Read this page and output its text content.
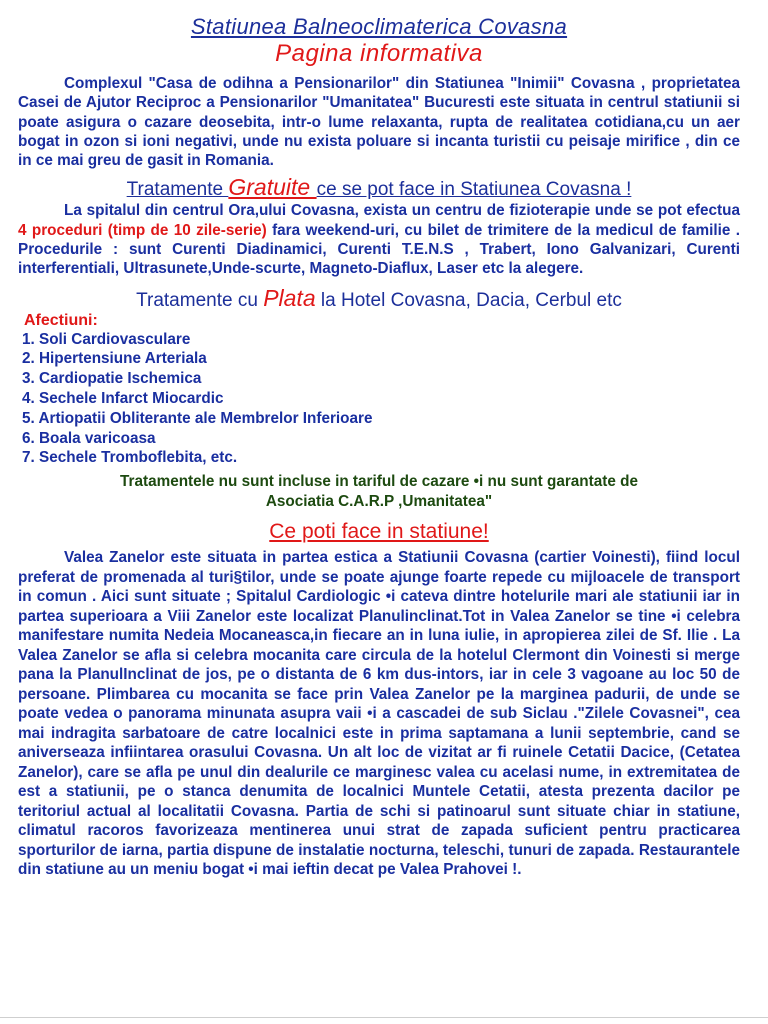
Statiunea Balneoclimaterica Covasna
Pagina informativa

Complexul "Casa de odihna a Pensionarilor" din Statiunea "Inimii" Covasna , proprietatea Casei de Ajutor Reciproc a Pensionarilor "Umanitatea" Bucuresti este situata in centrul statiunii si poate asigura o cazare deosebita, intr-o lume relaxanta, rupta de realitatea cotidiana,cu un aer bogat in ozon si ioni negativi, unde nu exista poluare si incanta turistii cu peisaje mirifice , din ce in ce mai greu de gasit in Romania.

Tratamente Gratuite ce se pot face in Statiunea Covasna !

La spitalul din centrul Ora,ului Covasna, exista un centru de fizioterapie unde se pot efectua 4 proceduri (timp de 10 zile-serie) fara weekend-uri, cu bilet de trimitere de la medicul de familie . Procedurile : sunt Curenti Diadinamici, Curenti T.E.N.S , Trabert, Iono Galvanizari, Curenti interferentiali, Ultrasunete,Unde-scurte, Magneto-Diaflux, Laser etc la alegere.

Tratamente cu Plata la Hotel Covasna, Dacia, Cerbul etc
Afectiuni:
1. Soli Cardiovasculare
2. Hipertensiune Arteriala
3. Cardiopatie Ischemica
4. Sechele Infarct Miocardic
5. Artiopatii Obliterante ale Membrelor Inferioare
6. Boala varicoasa
7. Sechele Tromboflebita, etc.
Tratamentele nu sunt incluse in tariful de cazare •i nu sunt garantate de
Asociatia C.A.R.P ,Umanitatea"
Ce poti face in statiune!

Valea Zanelor este situata in partea estica a Statiunii Covasna (cartier Voinesti), fiind locul preferat de promenada al turi§tilor, unde se poate ajunge foarte repede cu mijloacele de transport in comun . Aici sunt situate ; Spitalul Cardiologic •i cateva dintre hotelurile mari ale statiunii iar in partea superioara a Viii Zanelor este localizat Planulinclinat.Tot in Valea Zanelor se tine •i celebra manifestare numita Nedeia Mocaneasca,in fiecare an in luna iulie, in apropierea zilei de Sf. Ilie . La Valea Zanelor se afla si celebra mocanita care circula de la hotelul Clermont din Voinesti si merge pana la PlanulInclinat de jos, pe o distanta de 6 km dus-intors, iar in cele 3 vagoane au loc 50 de persoane. Plimbarea cu mocanita se face prin Valea Zanelor pe la marginea padurii, de unde se poate vedea o panorama minunata asupra vaii •i a cascadei de sub Siclau ."Zilele Covasnei", cea mai indragita sarbatoare de catre localnici este in prima saptamana a lunii septembrie, cand se aniverseaza infiintarea orasului Covasna. Un alt loc de vizitat ar fi ruinele Cetatii Dacice, (Cetatea Zanelor), care se afla pe unul din dealurile ce marginesc valea cu acelasi nume, in extremitatea de est a statiunii, pe o stanca denumita de localnici Muntele Cetatii, atesta prezenta dacilor pe teritoriul actual al localitatii Covasna. Partia de schi si patinoarul sunt situate chiar in statiune, climatul racoros favorizeaza mentinerea unui strat de zapada suficient pentru practicarea sporturilor de iarna, partia dispune de instalatie nocturna, teleschi, tunuri de zapada. Restaurantele din statiune au un meniu bogat •i mai ieftin decat pe Valea Prahovei !.
